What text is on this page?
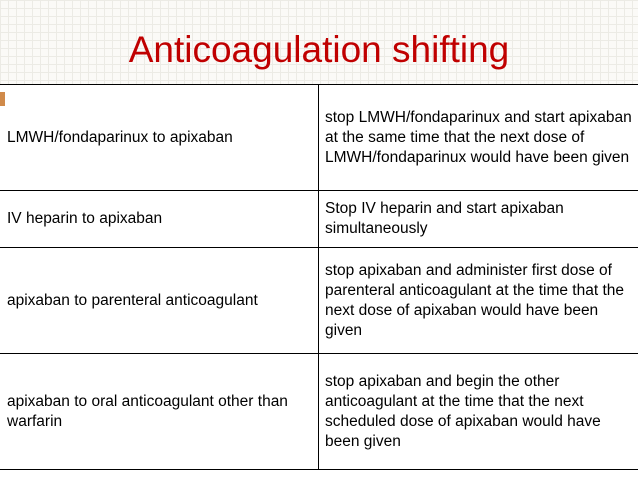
Anticoagulation shifting
LMWH/fondaparinux to apixaban	stop LMWH/fondaparinux and start apixaban at the same time that the next dose of LMWH/fondaparinux would have been given

IV heparin to apixaban	Stop IV heparin and start apixaban simultaneously

apixaban to parenteral anticoagulant	stop apixaban and administer first dose of parenteral anticoagulant at the time that the next dose of apixaban would have been given

apixaban to oral anticoagulant other than warfarin	stop apixaban and begin the other anticoagulant at the time that the next scheduled dose of apixaban would have been given
